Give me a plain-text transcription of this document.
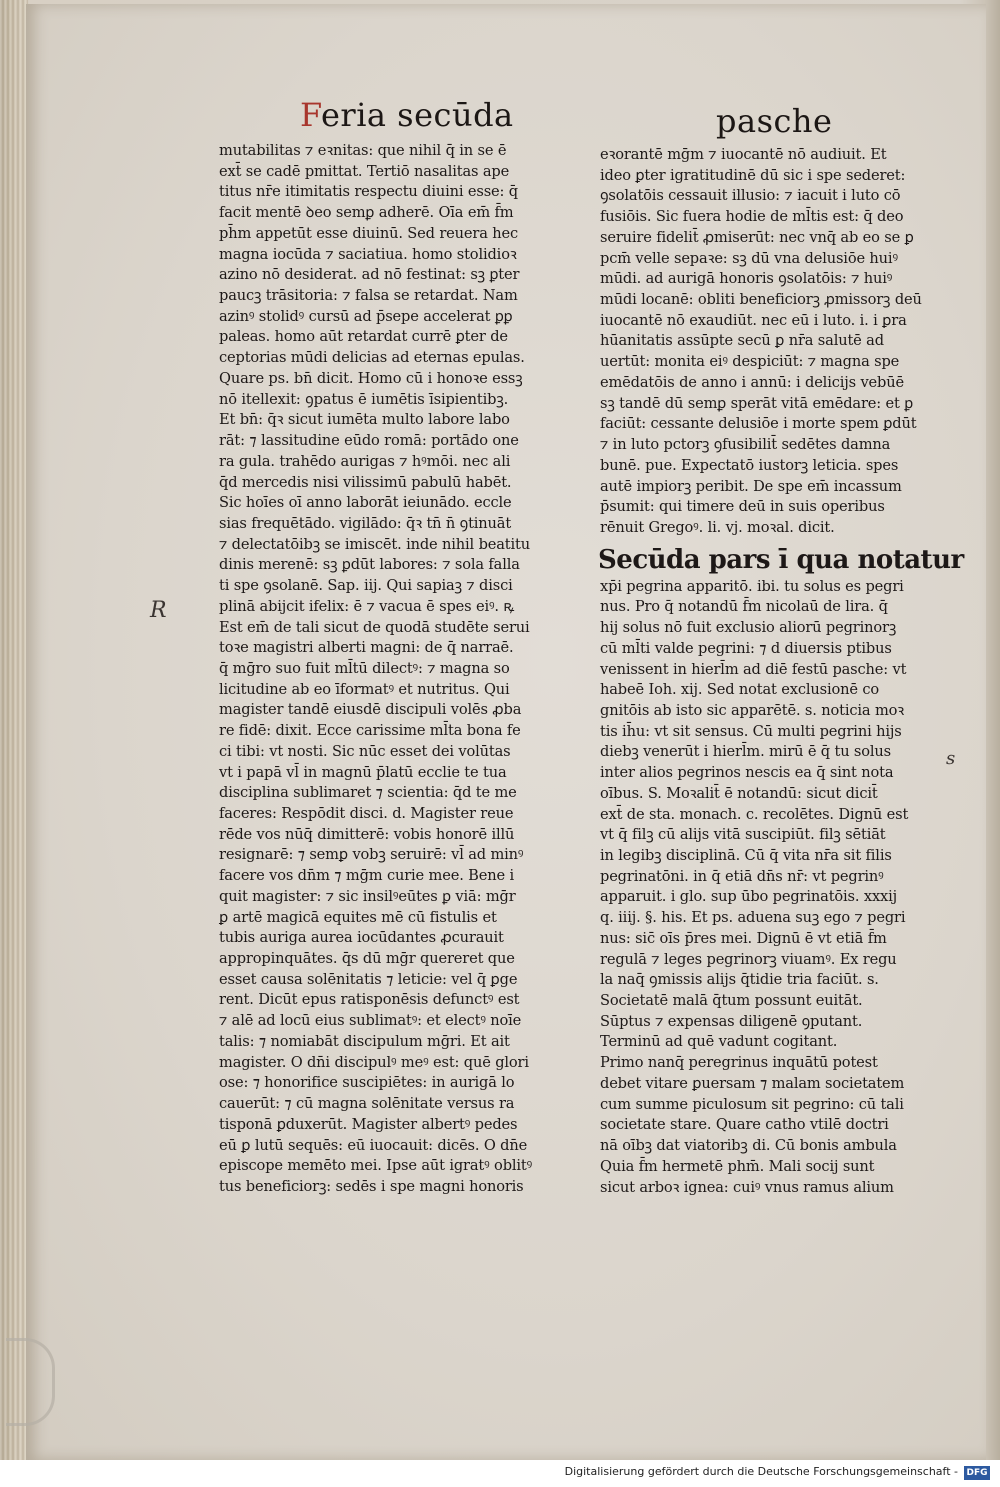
Feria secūda	pasche
mutabilitas ⁊ eꝛnitas: que nihil q̄ in se ē
ext̄ se cadē pmittat. Tertiō nasalitas ape
titus nr̄e itimitatis respectu diuini esse: q̄
facit mentē ꝺeo semꝑ adherē. Oīa em̄ f̄m
ph̄m appetūt esse diuinū. Sed reuera hec
magna iocūda ⁊ saciatiua. homo stolidioꝛ
azino nō desiderat. ad nō festinat: sꝫ ꝑter
paucꝫ trāsitoria: ⁊ falsa se retardat. Nam
azinꝰ stolidꝰ cursū ad p̄sepe accelerat ꝑꝑ
paleas. homo aūt retardat currē ꝑter de
ceptorias mūdi delicias ad eternas epulas.
Quare ps. bn̄ dicit. Homo cū i honoꝛe essꝫ
nō itellexit: ꝯpatus ē iumētis īsipientibꝫ.
Et bn̄: q̄ꝛ sicut iumēta multo labore labo
rāt: ⁊ lassitudine eūdo romā: portādo one
ra gula. trahēdo aurigas ⁊ hꝰmōi. nec ali
q̄d mercedis nisi vilissimū pabulū habēt.
Sic hoīes oī anno laborāt ieiunādo. eccle
sias frequētādo. vigilādo: q̄ꝛ tn̄ n̄ ꝯtinuāt
⁊ delectatōibꝫ se imiscēt. inde nihil beatitu
dinis merenē: sꝫ ꝑdūt labores: ⁊ sola falla
ti spe ꝯsolanē. Sap. iij. Qui sapiaꝫ ⁊ disci
plinā abijcit ifelix: ē ⁊ vacua ē spes eiꝰ. ꝶ
Est em̄ de tali sicut de quodā studēte serui
toꝛe magistri alberti magni: de q̄ narraē.
q̄ mḡro suo fuit ml̄tū dilectꝰ: ⁊ magna so
licitudine ab eo īformatꝰ et nutritus. Qui
magister tandē eiusdē discipuli volēs ꝓba
re fidē: dixit. Ecce carissime ml̄ta bona fe
ci tibi: vt nosti. Sic nūc esset dei volūtas
vt i papā vl̄ in magnū p̄latū ecclie te tua
disciplina sublimaret ⁊ scientia: q̄d te me
faceres: Respōdit disci. d. Magister reue
rēde vos nūq̄ dimitterē: vobis honorē illū
resignarē: ⁊ semꝑ vobꝫ seruirē: vl̄ ad minꝰ
facere vos dn̄m ⁊ mḡm curie mee. Bene i
quit magister: ⁊ sic insilꝰeūtes ꝑ viā: mḡr
ꝑ artē magicā equites mē cū fistulis et
tubis auriga aurea iocūdantes ꝓcurauit
appropinquātes. q̄s dū mḡr quereret que
esset causa solēnitatis ⁊ leticie: vel q̄ ꝑge
rent. Dicūt epus ratisponēsis defunctꝰ est
⁊ alē ad locū eius sublimatꝰ: et electꝰ noīe
talis: ⁊ nomiabāt discipulum mḡri. Et ait
magister. O dn̄i discipulꝰ meꝰ est: quē glori
ose: ⁊ honorifice suscipiētes: in aurigā lo
cauerūt: ⁊ cū magna solēnitate versus ra
tisponā ꝑduxerūt. Magister albertꝰ pedes
eū ꝑ lutū sequēs: eū iuocauit: dicēs. O dn̄e
episcope memēto mei. Ipse aūt igratꝰ oblitꝰ
tus beneficiorꝫ: sedēs i spe magni honoris
eꝛorantē mḡm ⁊ iuocantē nō audiuit. Et
ideo ꝑter igratitudinē dū sic i spe sederet:
ꝯsolatōis cessauit illusio: ⁊ iacuit i luto cō
fusiōis. Sic fuera hodie de ml̄tis est: q̄ deo
seruire fidelit̄ ꝓmiserūt: nec vnq̄ ab eo se ꝑ
pcm̄ velle sepaꝛe: sꝫ dū vna delusiōe huiꝰ
mūdi. ad aurigā honoris ꝯsolatōis: ⁊ huiꝰ
mūdi locanē: obliti beneficiorꝫ ꝓmissorꝫ deū
iuocantē nō exaudiūt. nec eū i luto. i. i ꝑra
hūanitatis assūpte secū ꝑ nr̄a salutē ad
uertūt: monita eiꝰ despiciūt: ⁊ magna spe
emēdatōis de anno i annū: i delicijs vebūē
sꝫ tandē dū semꝑ sperāt vitā emēdare: et ꝑ
faciūt: cessante delusiōe i morte spem ꝑdūt
⁊ in luto pctorꝫ ꝯfusibilit̄ sedētes damna
bunē. pue. Expectatō iustorꝫ leticia. spes
autē impiorꝫ peribit. De spe em̄ incassum
p̄sumit: qui timere deū in suis operibus
rēnuit Gregoꝰ. li. vj. moꝛal. dicit.
Secūda pars ī qua notatur
xp̄i pegrina apparitō. ibi. tu solus es pegri
nus. Pro q̄ notandū f̄m nicolaū de lira. q̄
hij solus nō fuit exclusio aliorū pegrinorꝫ
cū ml̄ti valde pegrini: ⁊ d diuersis ptibus
venissent in hierl̄m ad diē festū pasche: vt
habeē Ioh. xij. Sed notat exclusionē co
gnitōis ab isto sic apparētē. s. noticia moꝛ
tis ih̄u: vt sit sensus. Cū multi pegrini hijs
diebꝫ venerūt i hierl̄m. mirū ē q̄ tu solus
inter alios pegrinos nescis ea q̄ sint nota
oībus. S. Moꝛalit̄ ē notandū: sicut dicit̄
ext̄ de sta. monach. c. recolētes. Dignū est
vt q̄ filꝫ cū alijs vitā suscipiūt. filꝫ sētiāt
in legibꝫ disciplinā. Cū q̄ vita nr̄a sit filis
pegrinatōni. in q̄ etiā dn̄s nr̄: vt pegrinꝰ
apparuit. i glo. sup ūbo pegrinatōis. xxxij
q. iiij. §. his. Et ps. aduena suꝫ ego ⁊ pegri
nus: sic̄ oīs p̄res mei. Dignū ē vt etiā f̄m
regulā ⁊ leges pegrinorꝫ viuamꝰ. Ex regu
la naq̄ ꝯmissis alijs q̄tidie tria faciūt. s.
Societatē malā q̄tum possunt euitāt.
Sūptus ⁊ expensas diligenē ꝯputant.
Terminū ad quē vadunt cogitant.
Primo nanq̄ peregrinus inquātū potest
debet vitare ꝑuersam ⁊ malam societatem
cum summe piculosum sit pegrino: cū tali
societate stare. Quare catho vtilē doctri
nā oībꝫ dat viatoribꝫ di. Cū bonis ambula
Quia f̄m hermetē phm̄. Mali socij sunt
sicut arboꝛ ignea: cuiꝰ vnus ramus alium
R
s
Digitalisierung gefördert durch die Deutsche Forschungsgemeinschaft - DFG
